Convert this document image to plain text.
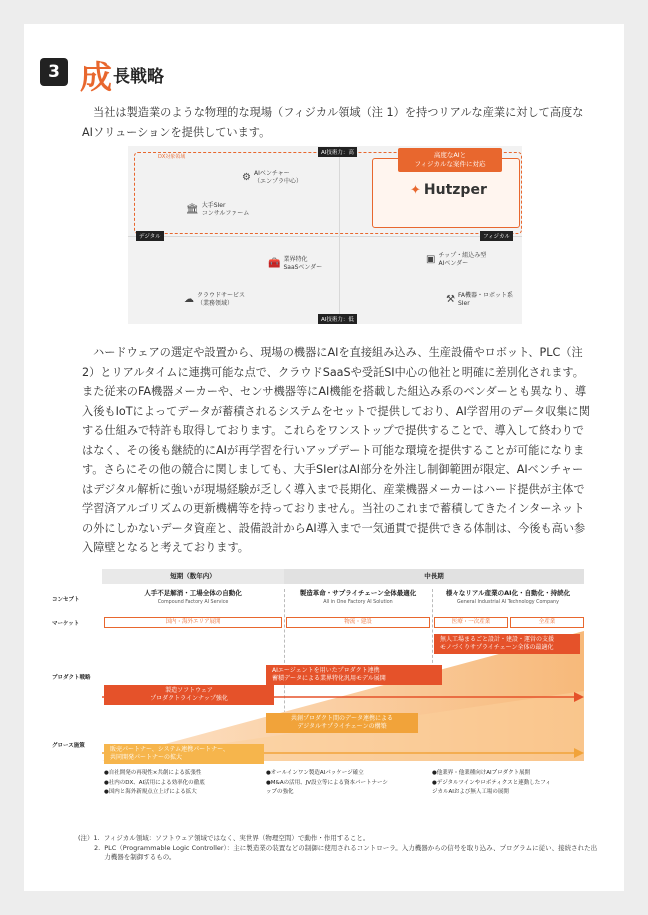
3 成長戦略

当社は製造業のような物理的な現場（フィジカル領域（注 1）を持つリアルな産業に対して高度なAIソリューションを提供しています。

DX対象領域
AI技術力：高
AI技術力：低
デジタル	フィジカル
高度なAIと
フィジカルな案件に対応
✦ Hutzper
⚙ AIベンチャー
（エンプラ中心）
🏛 大手SIer
コンサルファーム
🧰 業界特化
SaaSベンダー
▣ チップ・組込み型
AIベンダー
☁ クラウドサービス
（業務領域）	⚒ FA機器・ロボット系
SIer

ハードウェアの選定や設置から、現場の機器にAIを直接組み込み、生産設備やロボット、PLC（注2）とリアルタイムに連携可能な点で、クラウドSaaSや受託SI中心の他社と明確に差別化されます。また従来のFA機器メーカーや、センサ機器等にAI機能を搭載した組込み系のベンダーとも異なり、導入後もIoTによってデータが蓄積されるシステムをセットで提供しており、AI学習用のデータ収集に関する仕組みで特許も取得しております。これらをワンストップで提供することで、導入して終わりではなく、その後も継続的にAIが再学習を行いアップデート可能な環境を提供することが可能になります。さらにその他の競合に関しましても、大手SIerはAI部分を外注し制御範囲が限定、AIベンチャーはデジタル解析に強いが現場経験が乏しく導入まで長期化、産業機器メーカーはハード提供が主体で学習済アルゴリズムの更新機構等を持っておりません。当社のこれまで蓄積してきたインターネットの外にしかないデータ資産と、設備設計からAI導入まで一気通貫で提供できる体制は、今後も高い参入障壁となると考えております。

短期（数年内）	中長期
コンセプト
マーケット
プロダクト戦略
グロース施策
人手不足解消・工場全体の自動化
Compound Factory AI Service
製造革命・サプライチェーン全体最適化
All in One Factory AI Solution
様々なリアル産業のAI化・自動化・持続化
General Industrial AI Technology Company
国内・海外エリア展開	物流・建設	医療・一次産業	全産業
無人工場まるごと設計・建設・運営の支援
モノづくりサプライチェーン全体の最適化
AIエージェントを用いたプロダクト連携
蓄積データによる業界特化汎用モデル展開
製造ソフトウェア
プロダクトラインナップ強化
共創プロダクト間のデータ連携による
デジタルサプライチェーンの構築
販売パートナー、システム連携パートナー、
共同開発パートナーの拡大
●自社開発の再現性×共創による拡張性
●社内のDX、AI活用による効率化の徹底
●国内と海外新規点立上げによる拡大
●オールインワン製造AIパッケージ確立
●M&Aの活用、JV設立等による資本パートナーシ
ップの強化
●他業界・他業種向けAIプロダクト展開
●デジタルツインやロボティクスと連動したフィ
ジカルAIおよび無人工場の展開
(注）1. フィジカル領域：ソフトウェア領域ではなく、実世界（物理空間）で動作・作用すること。
2. PLC（Programmable Logic Controller）：主に製造業の装置などの制御に使用されるコントローラ。入力機器からの信号を取り込み、プログラムに従い、接続された出力機器を制御するもの。
